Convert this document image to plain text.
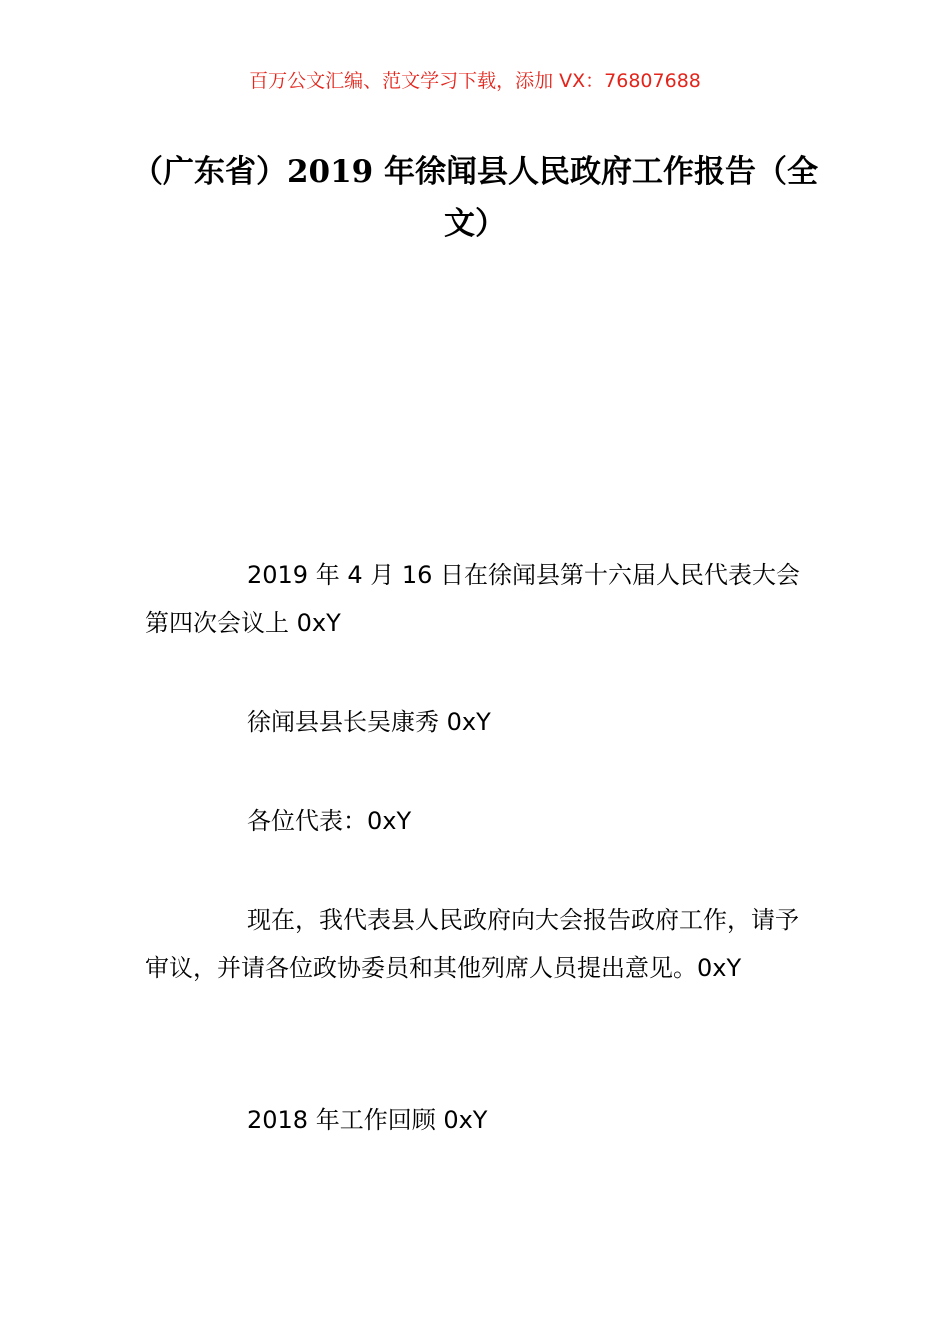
百万公文汇编、范文学习下载，添加 VX：76807688
（广东省）2019 年徐闻县人民政府工作报告（全文）

2019 年 4 月 16 日在徐闻县第十六届人民代表大会第四次会议上 0xY

徐闻县县长吴康秀 0xY

各位代表：0xY

现在，我代表县人民政府向大会报告政府工作，请予审议，并请各位政协委员和其他列席人员提出意见。0xY

2018 年工作回顾 0xY
